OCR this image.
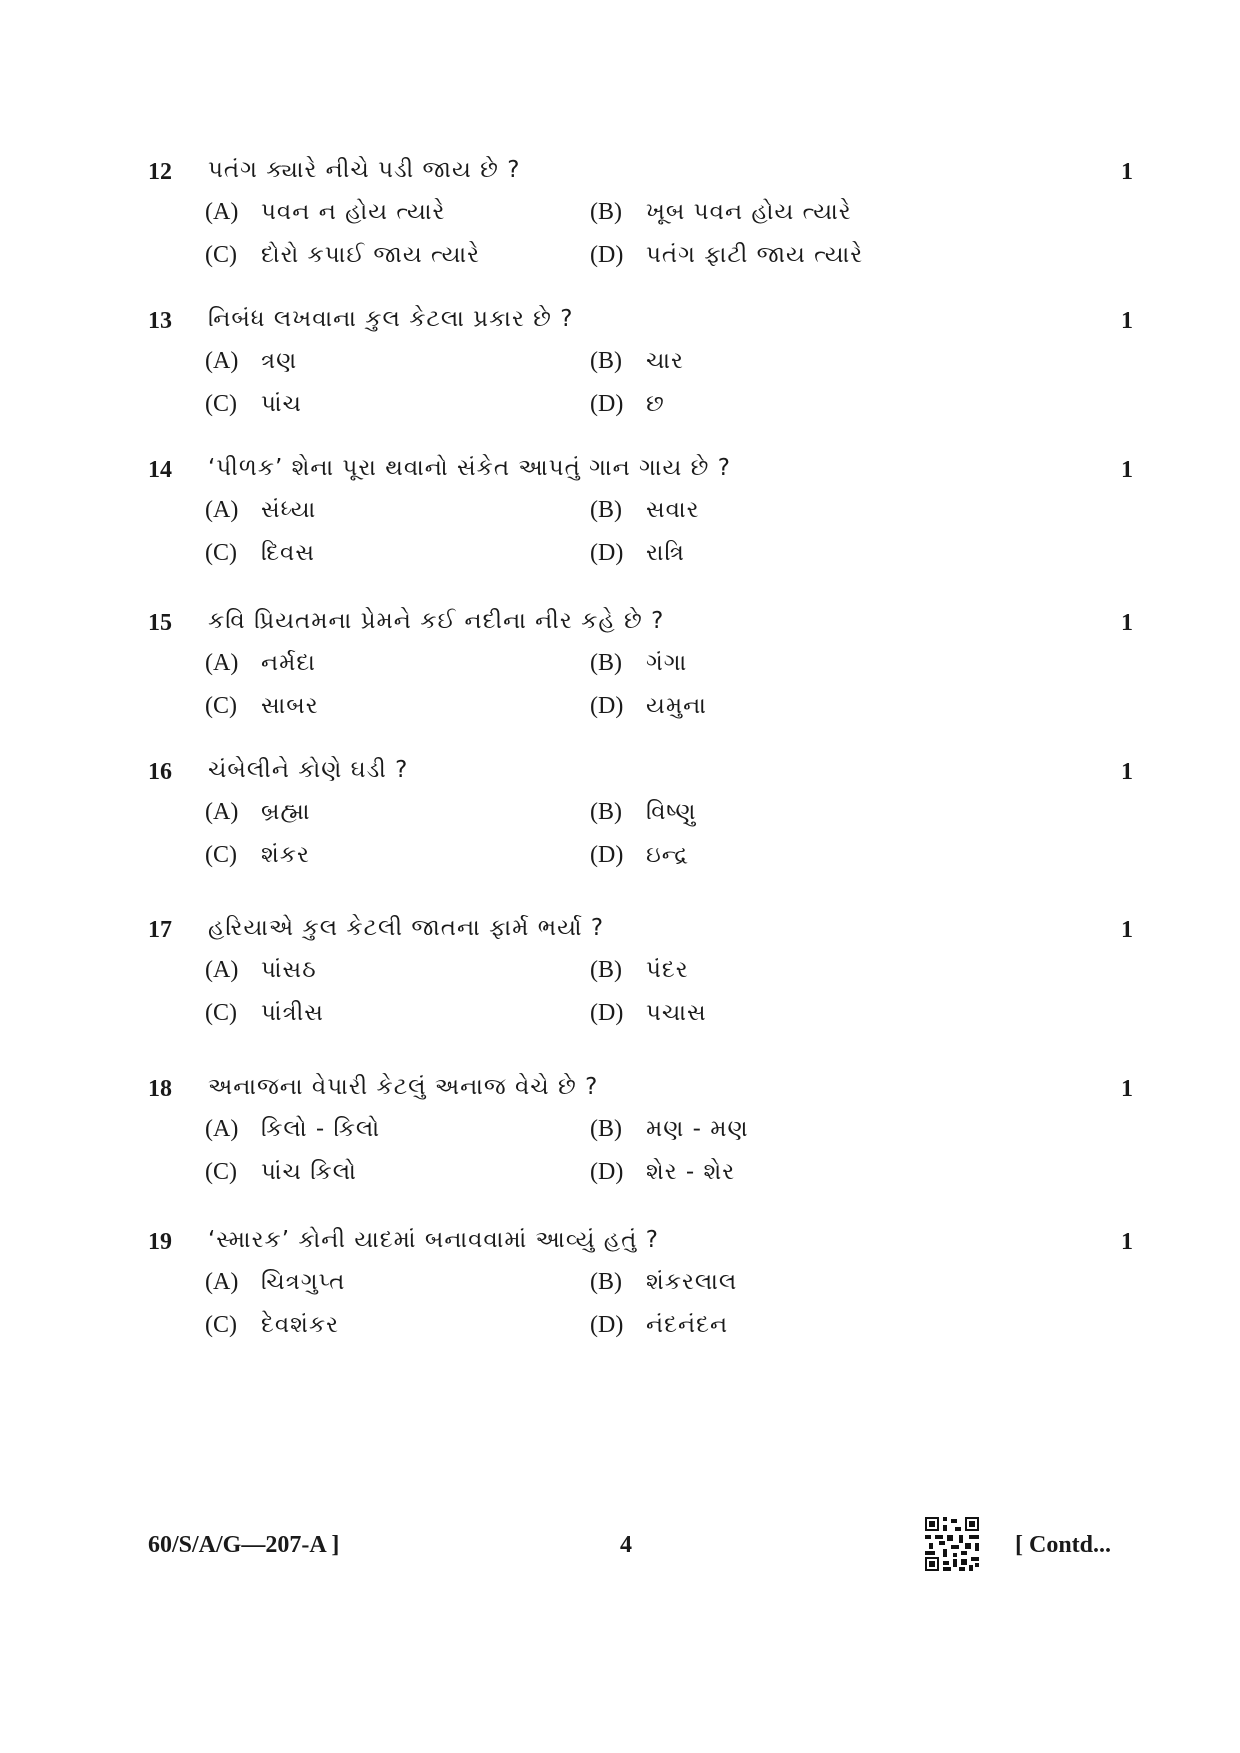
12 પતંગ ક્યારે નીચે પડી જાય છે ?	1
(A) પવન ન હોય ત્યારે	(B) ખૂબ પવન હોય ત્યારે
(C) દોરો કપાઈ જાય ત્યારે	(D) પતંગ ફાટી જાય ત્યારે
13 નિબંધ લખવાના કુલ કેટલા પ્રકાર છે ?	1
(A) ત્રણ	(B) ચાર
(C) પાંચ	(D) છ
14 ‘પીળક’ શેના પૂરા થવાનો સંકેત આપતું ગાન ગાય છે ?	1
(A) સંધ્યા	(B) સવાર
(C) દિવસ	(D) રાત્રિ
15 કવિ પ્રિયતમના પ્રેમને કઈ નદીના નીર કહે છે ?	1
(A) નર્મદા	(B) ગંગા
(C) સાબર	(D) યમુના
16 ચંબેલીને કોણે ઘડી ?	1
(A) બ્રહ્મા	(B) વિષ્ણુ
(C) શંકર	(D) ઇન્દ્ર
17 હરિયાએ કુલ કેટલી જાતના ફાર્મ ભર્યા ?	1
(A) પાંસઠ	(B) પંદર
(C) પાંત્રીસ	(D) પચાસ
18 અનાજના વેપારી કેટલું અનાજ વેચે છે ?	1
(A) કિલો - કિલો	(B) મણ - મણ
(C) પાંચ કિલો	(D) શેર - શેર
19 ‘સ્મારક’ કોની યાદમાં બનાવવામાં આવ્યું હતું ?	1
(A) ચિત્રગુપ્ત	(B) શંકરલાલ
(C) દેવશંકર	(D) નંદનંદન
60/S/A/G—207-A ]	4	[ Contd...
